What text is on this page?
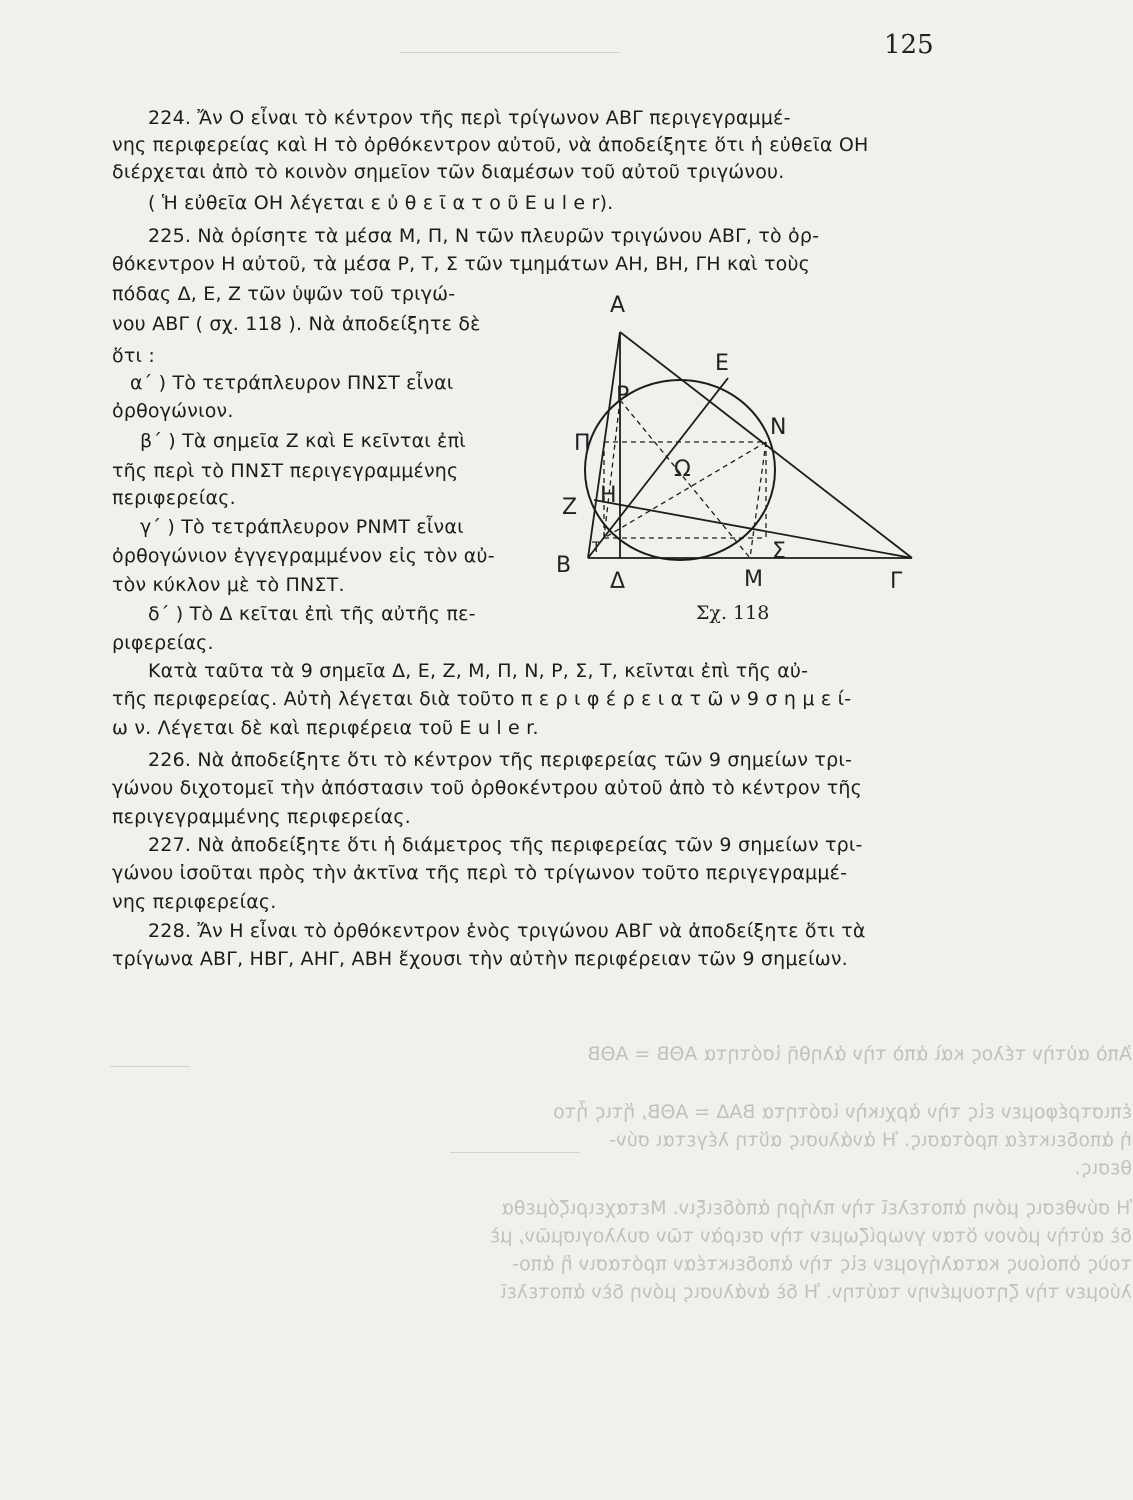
125
Ἀπὸ αὐτὴν τέλος καὶ ἀπὸ τὴν ἀληθῆ ἰσότητα ΑΘΒ = ΑΘΒ
ἐπιστρέφομεν εἰς τὴν ἀρχικὴν ἰσότητα ΒΑΔ = ΑΘΒ, ἥτις ἦτο
ἡ ἀποδεικτέα πρότασις. Ἡ ἀνάλυσις αὕτη λέγεται σύν-
θεσις.
Ἡ σύνθεσις μόνη ἀποτελεῖ τὴν πλήρη ἀπόδειξιν. Μεταχειριζόμεθα
δὲ αὐτὴν μόνον ὅταν γνωρίζωμεν τὴν σειρὰν τῶν συλλογισμῶν, μὲ
τοὺς ὁποίους καταλήγομεν εἰς τὴν ἀποδεικτέαν πρότασιν ἢ ἀπο-
λύομεν τὴν ζητουμένην ταύτην. Ἡ δὲ ἀνάλυσις μόνη δὲν ἀποτελεῖ
224. Ἄν O εἶναι τὸ κέντρον τῆς περὶ τρίγωνον ΑΒΓ περιγεγραμμέ-
νης περιφερείας καὶ H τὸ ὀρθόκεντρον αὐτοῦ, νὰ ἀποδείξητε ὅτι ἡ εὐθεῖα OH
διέρχεται ἀπὸ τὸ κοινὸν σημεῖον τῶν διαμέσων τοῦ αὐτοῦ τριγώνου.
( Ἡ εὐθεῖα OH λέγεται ε ὐ θ ε ῖ α τ ο ῦ E u l e r).
225. Νὰ ὁρίσητε τὰ μέσα M, Π, N τῶν πλευρῶν τριγώνου ΑΒΓ, τὸ ὀρ-
θόκεντρον H αὐτοῦ, τὰ μέσα P, T, Σ τῶν τμημάτων AH, BH, ΓH καὶ τοὺς
πόδας Δ, E, Z τῶν ὑψῶν τοῦ τριγώ-
νου ΑΒΓ ( σχ. 118 ). Νὰ ἀποδείξητε δὲ
ὅτι :
α΄ ) Τὸ τετράπλευρον ΠΝΣΤ εἶναι
ὀρθογώνιον.
β΄ ) Τὰ σημεῖα Z καὶ E κεῖνται ἐπὶ
τῆς περὶ τὸ ΠΝΣΤ περιγεγραμμένης
περιφερείας.
γ΄ ) Τὸ τετράπλευρον PNMT εἶναι
ὀρθογώνιον ἐγγεγραμμένον εἰς τὸν αὐ-
τὸν κύκλον μὲ τὸ ΠΝΣΤ.
δ΄ ) Τὸ Δ κεῖται ἐπὶ τῆς αὐτῆς πε-
ριφερείας.
Κατὰ ταῦτα τὰ 9 σημεῖα Δ, E, Z, M, Π, N, P, Σ, T, κεῖνται ἐπὶ τῆς αὐ-
τῆς περιφερείας. Αὐτὴ λέγεται διὰ τοῦτο π ε ρ ι φ έ ρ ε ι α τ ῶ ν 9 σ η μ ε ί-
ω ν. Λέγεται δὲ καὶ περιφέρεια τοῦ E u l e r.
226. Νὰ ἀποδείξητε ὅτι τὸ κέντρον τῆς περιφερείας τῶν 9 σημείων τρι-
γώνου διχοτομεῖ τὴν ἀπόστασιν τοῦ ὀρθοκέντρου αὐτοῦ ἀπὸ τὸ κέντρον τῆς
περιγεγραμμένης περιφερείας.
227. Νὰ ἀποδείξητε ὅτι ἡ διάμετρος τῆς περιφερείας τῶν 9 σημείων τρι-
γώνου ἰσοῦται πρὸς τὴν ἀκτῖνα τῆς περὶ τὸ τρίγωνον τοῦτο περιγεγραμμέ-
νης περιφερείας.
228. Ἄν H εἶναι τὸ ὀρθόκεντρον ἑνὸς τριγώνου ΑΒΓ νὰ ἀποδείξητε ὅτι τὰ
τρίγωνα ΑΒΓ, HΒΓ, AHΓ, ΑΒH ἔχουσι τὴν αὐτὴν περιφέρειαν τῶν 9 σημείων.
A
E
P
N
Π
Ω
Z H
B
T	Σ
Δ	M	Γ
Σχ. 118
